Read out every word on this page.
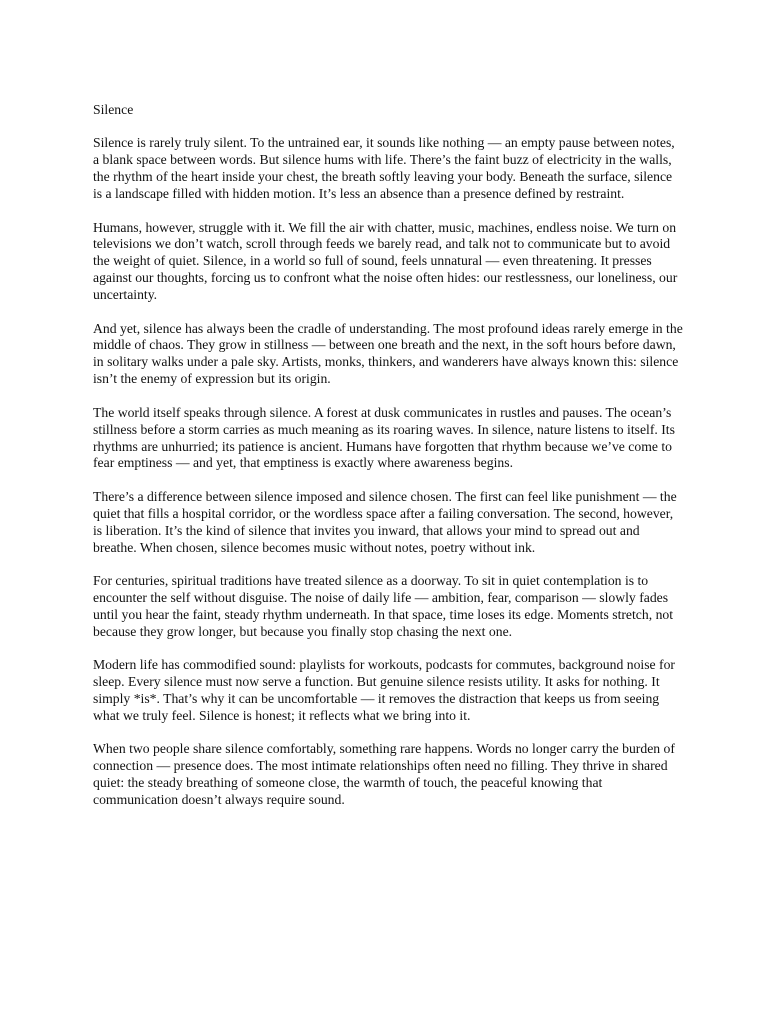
Silence

Silence is rarely truly silent. To the untrained ear, it sounds like nothing — an empty pause between notes, a blank space between words. But silence hums with life. There’s the faint buzz of electricity in the walls, the rhythm of the heart inside your chest, the breath softly leaving your body. Beneath the surface, silence is a landscape filled with hidden motion. It’s less an absence than a presence defined by restraint.

Humans, however, struggle with it. We fill the air with chatter, music, machines, endless noise. We turn on televisions we don’t watch, scroll through feeds we barely read, and talk not to communicate but to avoid the weight of quiet. Silence, in a world so full of sound, feels unnatural — even threatening. It presses against our thoughts, forcing us to confront what the noise often hides: our restlessness, our loneliness, our uncertainty.

And yet, silence has always been the cradle of understanding. The most profound ideas rarely emerge in the middle of chaos. They grow in stillness — between one breath and the next, in the soft hours before dawn, in solitary walks under a pale sky. Artists, monks, thinkers, and wanderers have always known this: silence isn’t the enemy of expression but its origin.

The world itself speaks through silence. A forest at dusk communicates in rustles and pauses. The ocean’s stillness before a storm carries as much meaning as its roaring waves. In silence, nature listens to itself. Its rhythms are unhurried; its patience is ancient. Humans have forgotten that rhythm because we’ve come to fear emptiness — and yet, that emptiness is exactly where awareness begins.

There’s a difference between silence imposed and silence chosen. The first can feel like punishment — the quiet that fills a hospital corridor, or the wordless space after a failing conversation. The second, however, is liberation. It’s the kind of silence that invites you inward, that allows your mind to spread out and breathe. When chosen, silence becomes music without notes, poetry without ink.

For centuries, spiritual traditions have treated silence as a doorway. To sit in quiet contemplation is to encounter the self without disguise. The noise of daily life — ambition, fear, comparison — slowly fades until you hear the faint, steady rhythm underneath. In that space, time loses its edge. Moments stretch, not because they grow longer, but because you finally stop chasing the next one.

Modern life has commodified sound: playlists for workouts, podcasts for commutes, background noise for sleep. Every silence must now serve a function. But genuine silence resists utility. It asks for nothing. It simply *is*. That’s why it can be uncomfortable — it removes the distraction that keeps us from seeing what we truly feel. Silence is honest; it reflects what we bring into it.

When two people share silence comfortably, something rare happens. Words no longer carry the burden of connection — presence does. The most intimate relationships often need no filling. They thrive in shared quiet: the steady breathing of someone close, the warmth of touch, the peaceful knowing that communication doesn’t always require sound.
